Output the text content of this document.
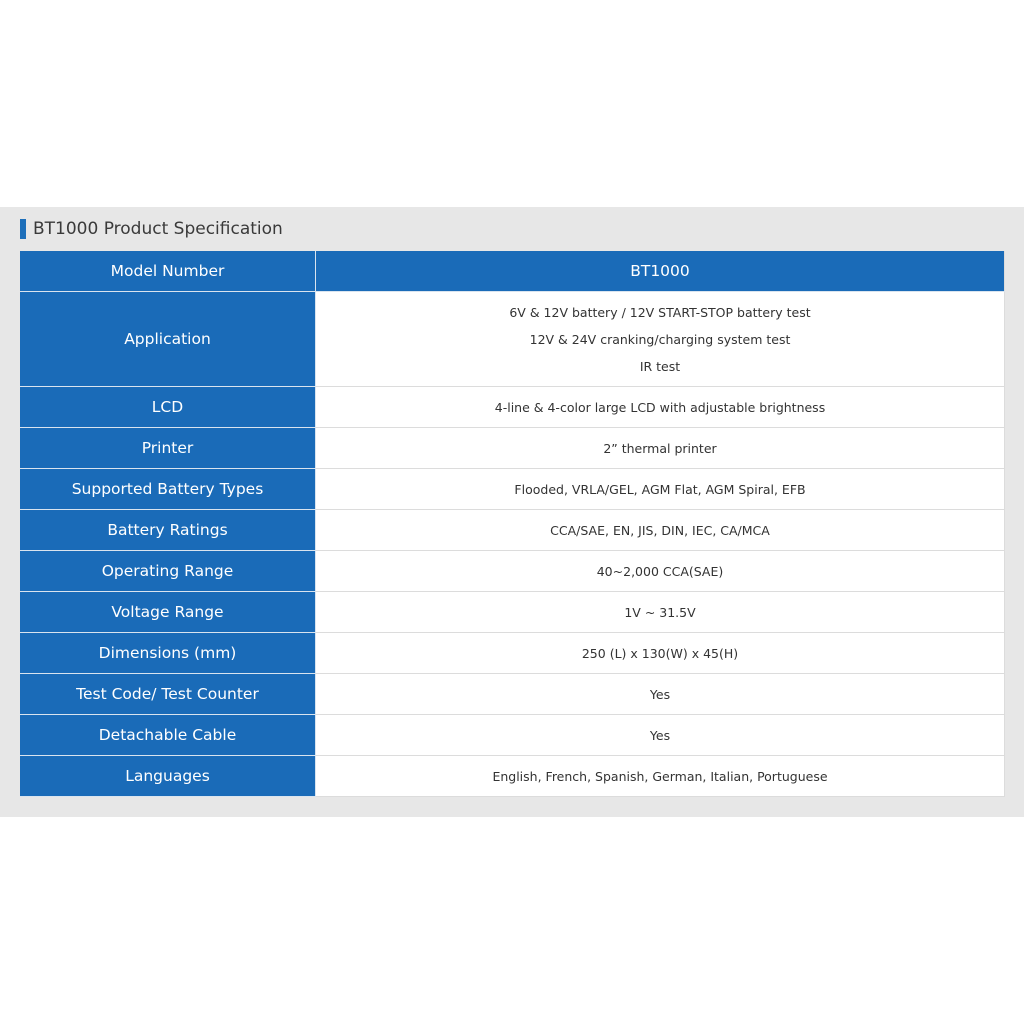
BT1000 Product Specification
Model Number	BT1000
Application	6V & 12V battery / 12V START-STOP battery test
12V & 24V cranking/charging system test
IR test

LCD	4-line & 4-color large LCD with adjustable brightness
Printer	2” thermal printer
Supported Battery Types	Flooded, VRLA/GEL, AGM Flat, AGM Spiral, EFB
Battery Ratings	CCA/SAE, EN, JIS, DIN, IEC, CA/MCA
Operating Range	40~2,000 CCA(SAE)
Voltage Range	1V ~ 31.5V
Dimensions (mm)	250 (L) x 130(W) x 45(H)
Test Code/ Test Counter	Yes
Detachable Cable	Yes
Languages	English, French, Spanish, German, Italian, Portuguese
